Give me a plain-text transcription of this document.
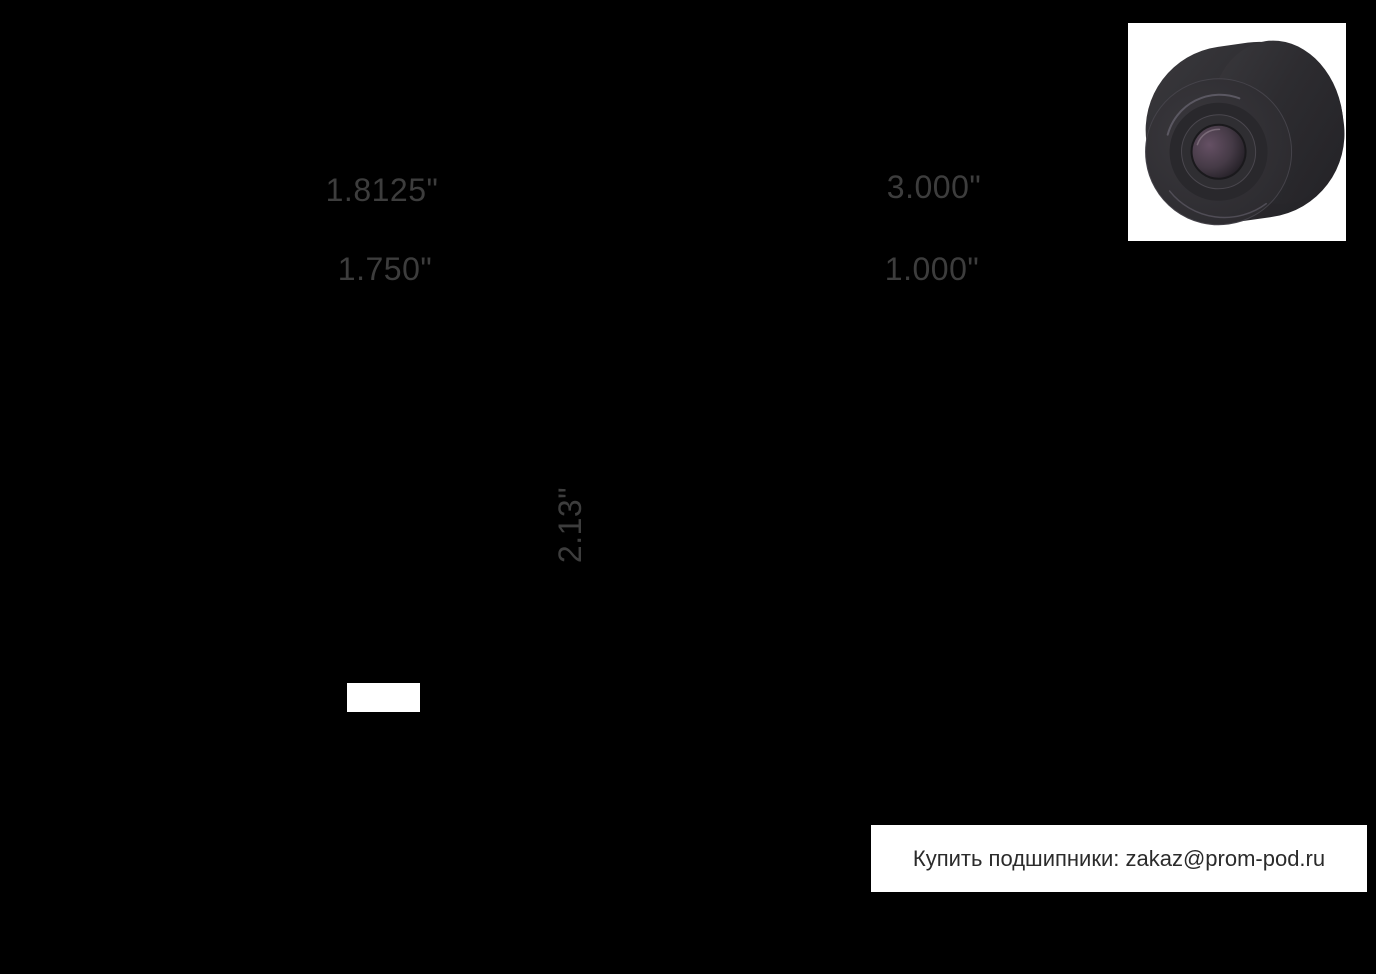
1.8125"
1.750"
3.000"
1.000"
2.13"
Купить подшипники: zakaz@prom-pod.ru
